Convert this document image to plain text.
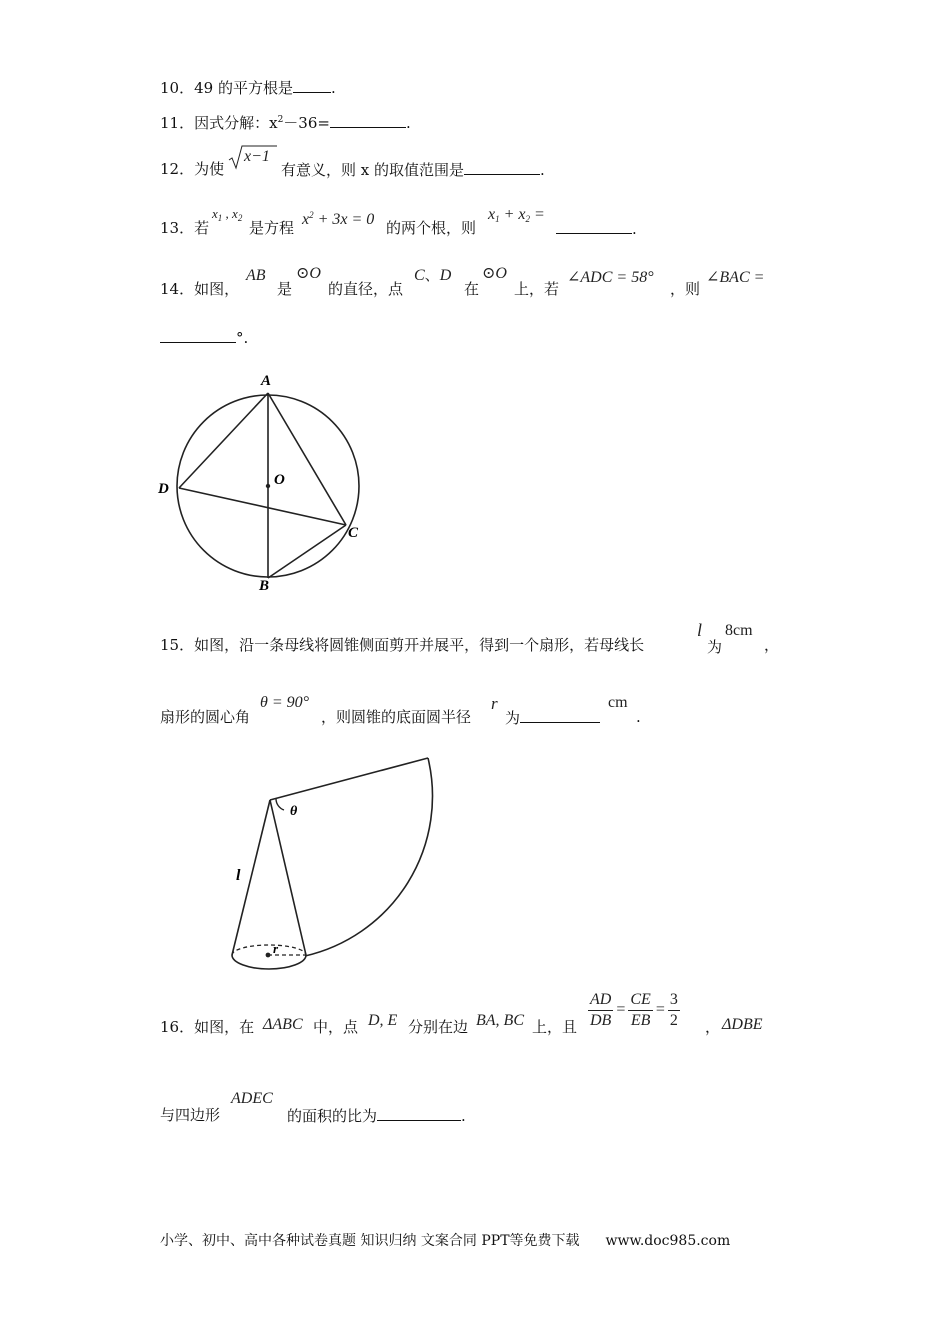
10．49 的平方根是	.
11．因式分解：$x^2-36=$	.
12．为使
x−1
有意义，则 x 的取值范围是	.
13．若
$x_1$ , $x_2$
是方程 $x^2 + 3x = 0$ 的两个根，则
$x_1 + x_2$ =
.
14．如图，
AB
是
⊙O
的直径，点
C、D
在
⊙O
上，若
∠ADC = 58°
，则
∠BAC =
°.
A
B
C
D
O
15．如图，沿一条母线将圆锥侧面剪开并展平，得到一个扇形，若母线长
l
为
8cm
，
扇形的圆心角
θ = 90°
，则圆锥的底面圆半径
r
为
cm
.
θ
l
r
16．如图，在 ΔABC 中，点 D, E 分别在边 BA, BC 上，且 $\frac{AD}{DB} = \frac{CE}{EB} = \frac{3}{2}$ ， ΔDBE
与四边形
ADEC
的面积的比为	.
小学、初中、高中各种试卷真题 知识归纳 文案合同 PPT等免费下载 www.doc985.com
